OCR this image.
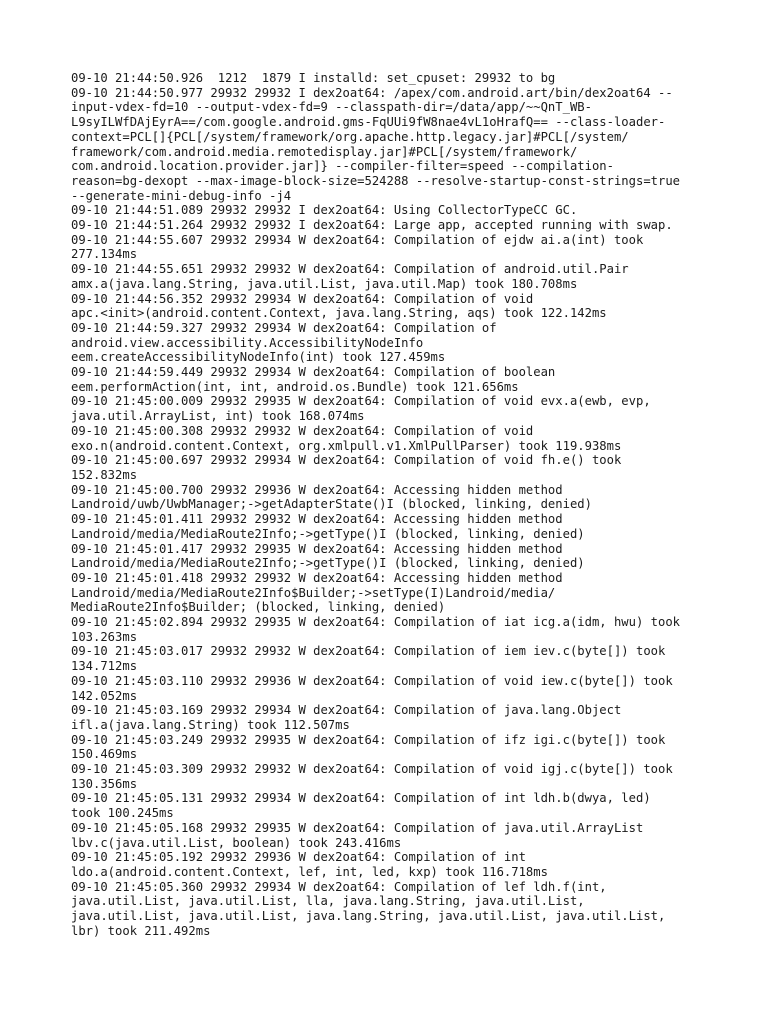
09-10 21:44:50.926  1212  1879 I installd: set_cpuset: 29932 to bg
09-10 21:44:50.977 29932 29932 I dex2oat64: /apex/com.android.art/bin/dex2oat64 --
input-vdex-fd=10 --output-vdex-fd=9 --classpath-dir=/data/app/~~QnT_WB-
L9syILWfDAjEyrA==/com.google.android.gms-FqUUi9fW8nae4vL1oHrafQ== --class-loader-
context=PCL[]{PCL[/system/framework/org.apache.http.legacy.jar]#PCL[/system/
framework/com.android.media.remotedisplay.jar]#PCL[/system/framework/
com.android.location.provider.jar]} --compiler-filter=speed --compilation-
reason=bg-dexopt --max-image-block-size=524288 --resolve-startup-const-strings=true
--generate-mini-debug-info -j4
09-10 21:44:51.089 29932 29932 I dex2oat64: Using CollectorTypeCC GC.
09-10 21:44:51.264 29932 29932 I dex2oat64: Large app, accepted running with swap.
09-10 21:44:55.607 29932 29934 W dex2oat64: Compilation of ejdw ai.a(int) took
277.134ms
09-10 21:44:55.651 29932 29932 W dex2oat64: Compilation of android.util.Pair
amx.a(java.lang.String, java.util.List, java.util.Map) took 180.708ms
09-10 21:44:56.352 29932 29934 W dex2oat64: Compilation of void
apc.<init>(android.content.Context, java.lang.String, aqs) took 122.142ms
09-10 21:44:59.327 29932 29934 W dex2oat64: Compilation of
android.view.accessibility.AccessibilityNodeInfo
eem.createAccessibilityNodeInfo(int) took 127.459ms
09-10 21:44:59.449 29932 29934 W dex2oat64: Compilation of boolean
eem.performAction(int, int, android.os.Bundle) took 121.656ms
09-10 21:45:00.009 29932 29935 W dex2oat64: Compilation of void evx.a(ewb, evp,
java.util.ArrayList, int) took 168.074ms
09-10 21:45:00.308 29932 29932 W dex2oat64: Compilation of void
exo.n(android.content.Context, org.xmlpull.v1.XmlPullParser) took 119.938ms
09-10 21:45:00.697 29932 29934 W dex2oat64: Compilation of void fh.e() took
152.832ms
09-10 21:45:00.700 29932 29936 W dex2oat64: Accessing hidden method
Landroid/uwb/UwbManager;->getAdapterState()I (blocked, linking, denied)
09-10 21:45:01.411 29932 29932 W dex2oat64: Accessing hidden method
Landroid/media/MediaRoute2Info;->getType()I (blocked, linking, denied)
09-10 21:45:01.417 29932 29935 W dex2oat64: Accessing hidden method
Landroid/media/MediaRoute2Info;->getType()I (blocked, linking, denied)
09-10 21:45:01.418 29932 29932 W dex2oat64: Accessing hidden method
Landroid/media/MediaRoute2Info$Builder;->setType(I)Landroid/media/
MediaRoute2Info$Builder; (blocked, linking, denied)
09-10 21:45:02.894 29932 29935 W dex2oat64: Compilation of iat icg.a(idm, hwu) took
103.263ms
09-10 21:45:03.017 29932 29932 W dex2oat64: Compilation of iem iev.c(byte[]) took
134.712ms
09-10 21:45:03.110 29932 29936 W dex2oat64: Compilation of void iew.c(byte[]) took
142.052ms
09-10 21:45:03.169 29932 29934 W dex2oat64: Compilation of java.lang.Object
ifl.a(java.lang.String) took 112.507ms
09-10 21:45:03.249 29932 29935 W dex2oat64: Compilation of ifz igi.c(byte[]) took
150.469ms
09-10 21:45:03.309 29932 29932 W dex2oat64: Compilation of void igj.c(byte[]) took
130.356ms
09-10 21:45:05.131 29932 29934 W dex2oat64: Compilation of int ldh.b(dwya, led)
took 100.245ms
09-10 21:45:05.168 29932 29935 W dex2oat64: Compilation of java.util.ArrayList
lbv.c(java.util.List, boolean) took 243.416ms
09-10 21:45:05.192 29932 29936 W dex2oat64: Compilation of int
ldo.a(android.content.Context, lef, int, led, kxp) took 116.718ms
09-10 21:45:05.360 29932 29934 W dex2oat64: Compilation of lef ldh.f(int,
java.util.List, java.util.List, lla, java.lang.String, java.util.List,
java.util.List, java.util.List, java.lang.String, java.util.List, java.util.List,
lbr) took 211.492ms
